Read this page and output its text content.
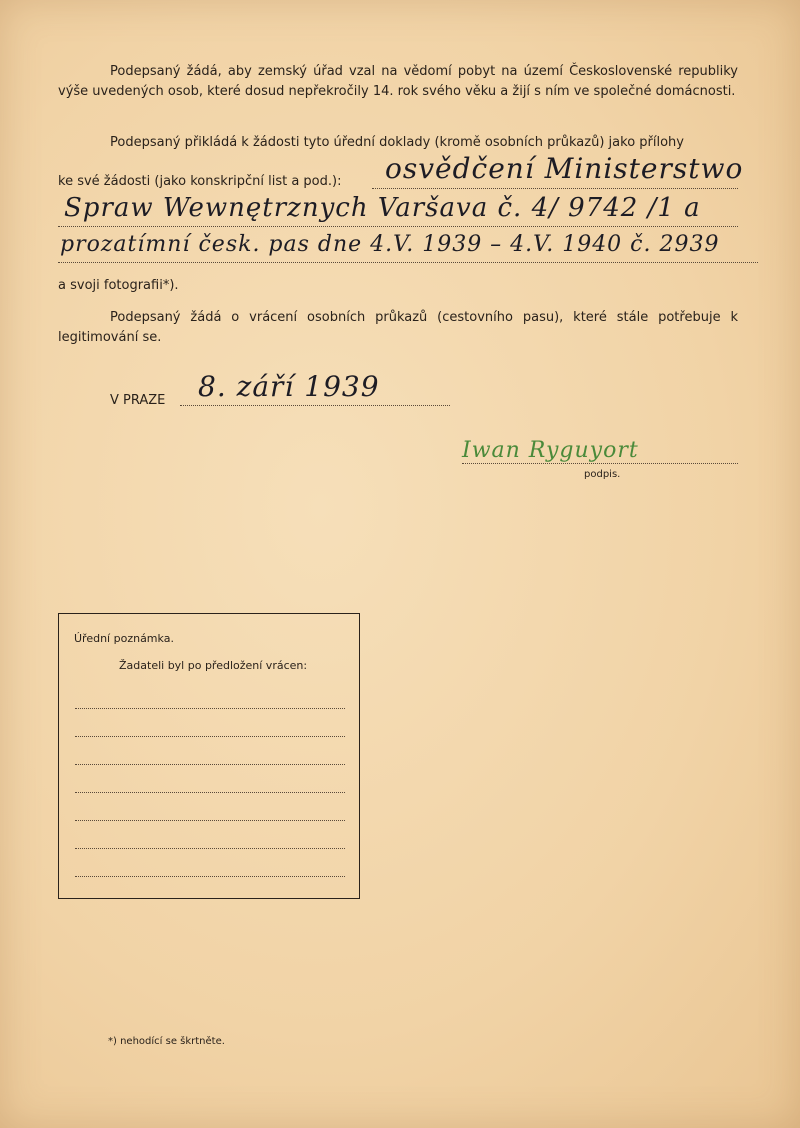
Podepsaný žádá, aby zemský úřad vzal na vědomí pobyt na území Československé republiky výše uvedených osob, které dosud nepřekročily 14. rok svého věku a žijí s ním ve společné domácnosti.
Podepsaný přikládá k žádosti tyto úřední doklady (kromě osobních průkazů) jako přílohy
ke své žádosti (jako konskripční list a pod.): osvědčení Ministerstwo
Spraw Wewnętrznych Varšava č. 4/ 9742 /1 a
prozatímní česk. pas dne 4.V. 1939 – 4.V. 1940 č. 2939
a svoji fotografii*).
Podepsaný žádá o vrácení osobních průkazů (cestovního pasu), které stále potřebuje k legitimování se.
V PRAZE 8. září 1939
Iwan Ryguyort
podpis.
Úřední poznámka.
Žadateli byl po předložení vrácen:
*) nehodící se škrtněte.
